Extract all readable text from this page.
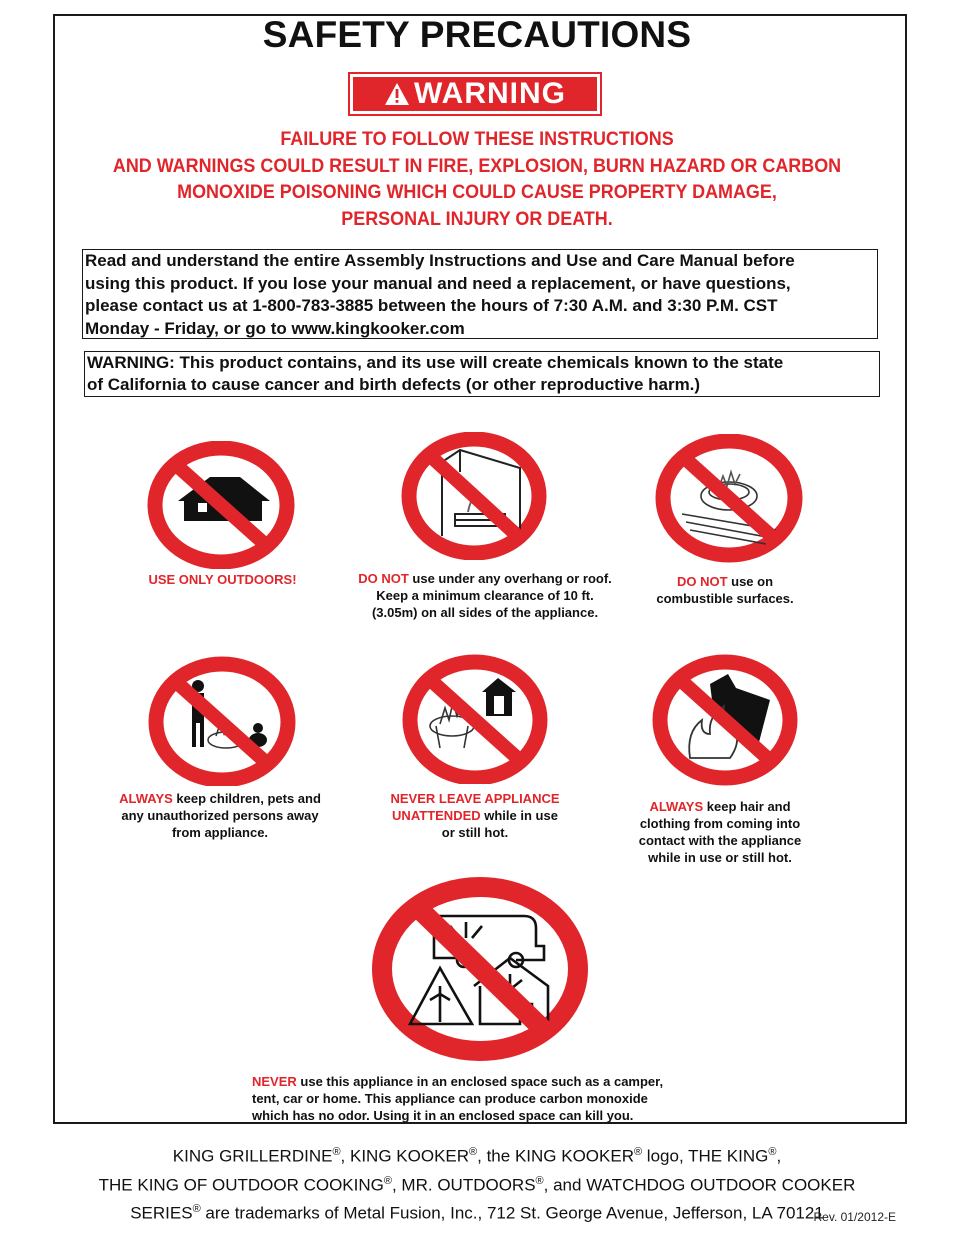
SAFETY PRECAUTIONS
WARNING
FAILURE TO FOLLOW THESE INSTRUCTIONS
AND WARNINGS COULD RESULT IN FIRE, EXPLOSION, BURN HAZARD OR CARBON
MONOXIDE POISONING WHICH COULD CAUSE PROPERTY DAMAGE,
PERSONAL INJURY OR DEATH.
Read and understand the entire Assembly Instructions and Use and Care Manual before
using this product. If you lose your manual and need a replacement, or have questions,
please contact us at 1-800-783-3885 between the hours of 7:30 A.M. and 3:30 P.M. CST
Monday - Friday, or go to www.kingkooker.com
WARNING: This product contains, and its use will create chemicals known to the state
of California to cause cancer and birth defects (or other reproductive harm.)
USE ONLY OUTDOORS!	DO NOT use under any overhang or roof.
Keep a minimum clearance of 10 ft.
(3.05m) on all sides of the appliance.
DO NOT use on
combustible surfaces.
ALWAYS keep children, pets and
any unauthorized persons away
from appliance.
NEVER LEAVE APPLIANCE
UNATTENDED while in use
or still hot.
ALWAYS keep hair and
clothing from coming into
contact with the appliance
while in use or still hot.
NEVER use this appliance in an enclosed space such as a camper,
tent, car or home. This appliance can produce carbon monoxide
which has no odor. Using it in an enclosed space can kill you.
KING GRILLERDINE®, KING KOOKER®, the KING KOOKER® logo, THE KING®,
THE KING OF OUTDOOR COOKING®, MR. OUTDOORS®, and WATCHDOG OUTDOOR COOKER
SERIES® are trademarks of Metal Fusion, Inc., 712 St. George Avenue, Jefferson, LA 70121
Rev. 01/2012-E
